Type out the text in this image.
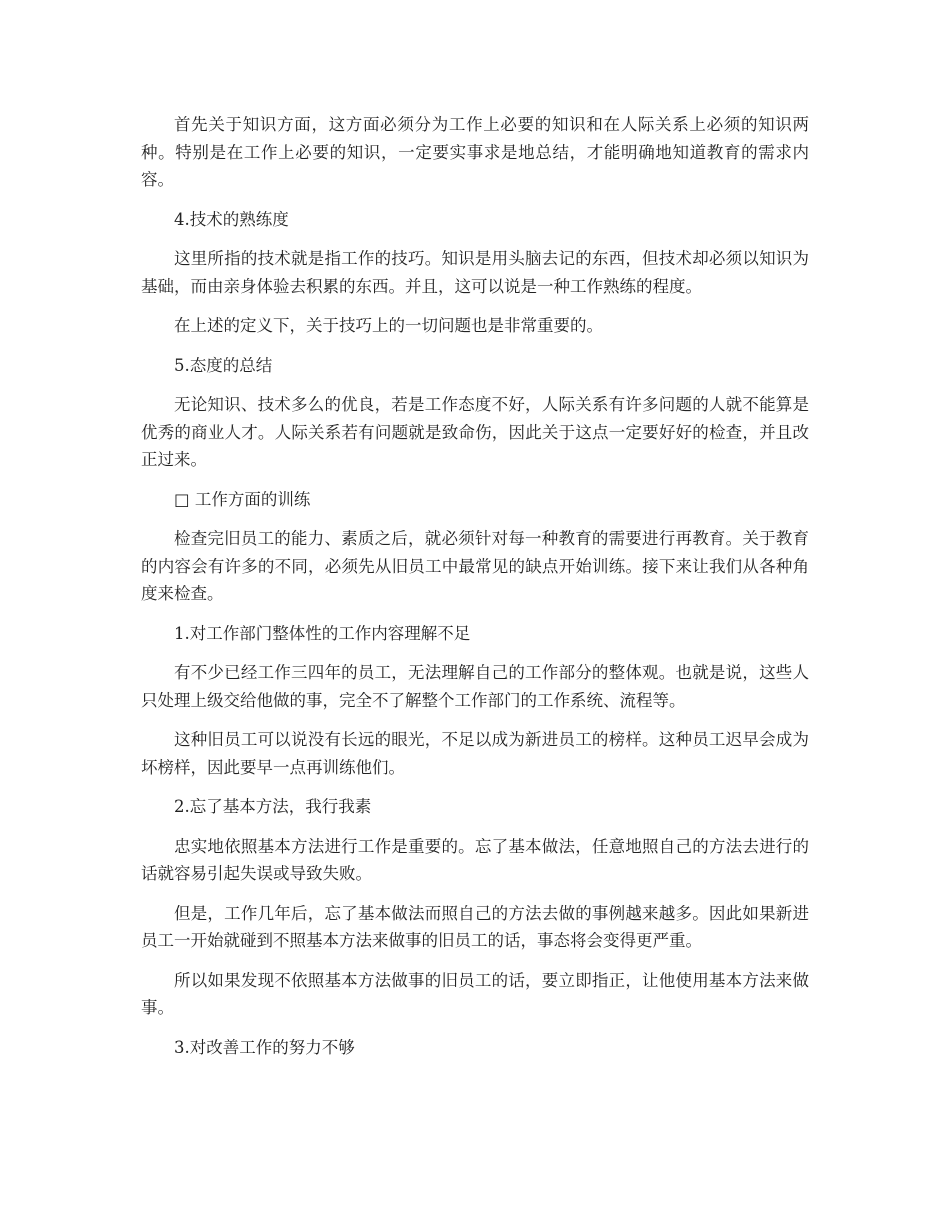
首先关于知识方面，这方面必须分为工作上必要的知识和在人际关系上必须的知识两种。特别是在工作上必要的知识，一定要实事求是地总结，才能明确地知道教育的需求内容。

4.技术的熟练度

这里所指的技术就是指工作的技巧。知识是用头脑去记的东西，但技术却必须以知识为基础，而由亲身体验去积累的东西。并且，这可以说是一种工作熟练的程度。

在上述的定义下，关于技巧上的一切问题也是非常重要的。

5.态度的总结

无论知识、技术多么的优良，若是工作态度不好，人际关系有许多问题的人就不能算是优秀的商业人才。人际关系若有问题就是致命伤，因此关于这点一定要好好的检查，并且改正过来。

□ 工作方面的训练

检查完旧员工的能力、素质之后，就必须针对每一种教育的需要进行再教育。关于教育的内容会有许多的不同，必须先从旧员工中最常见的缺点开始训练。接下来让我们从各种角度来检查。

1.对工作部门整体性的工作内容理解不足

有不少已经工作三四年的员工，无法理解自己的工作部分的整体观。也就是说，这些人只处理上级交给他做的事，完全不了解整个工作部门的工作系统、流程等。

这种旧员工可以说没有长远的眼光，不足以成为新进员工的榜样。这种员工迟早会成为坏榜样，因此要早一点再训练他们。

2.忘了基本方法，我行我素

忠实地依照基本方法进行工作是重要的。忘了基本做法，任意地照自己的方法去进行的话就容易引起失误或导致失败。

但是，工作几年后，忘了基本做法而照自己的方法去做的事例越来越多。因此如果新进员工一开始就碰到不照基本方法来做事的旧员工的话，事态将会变得更严重。

所以如果发现不依照基本方法做事的旧员工的话，要立即指正，让他使用基本方法来做事。

3.对改善工作的努力不够
